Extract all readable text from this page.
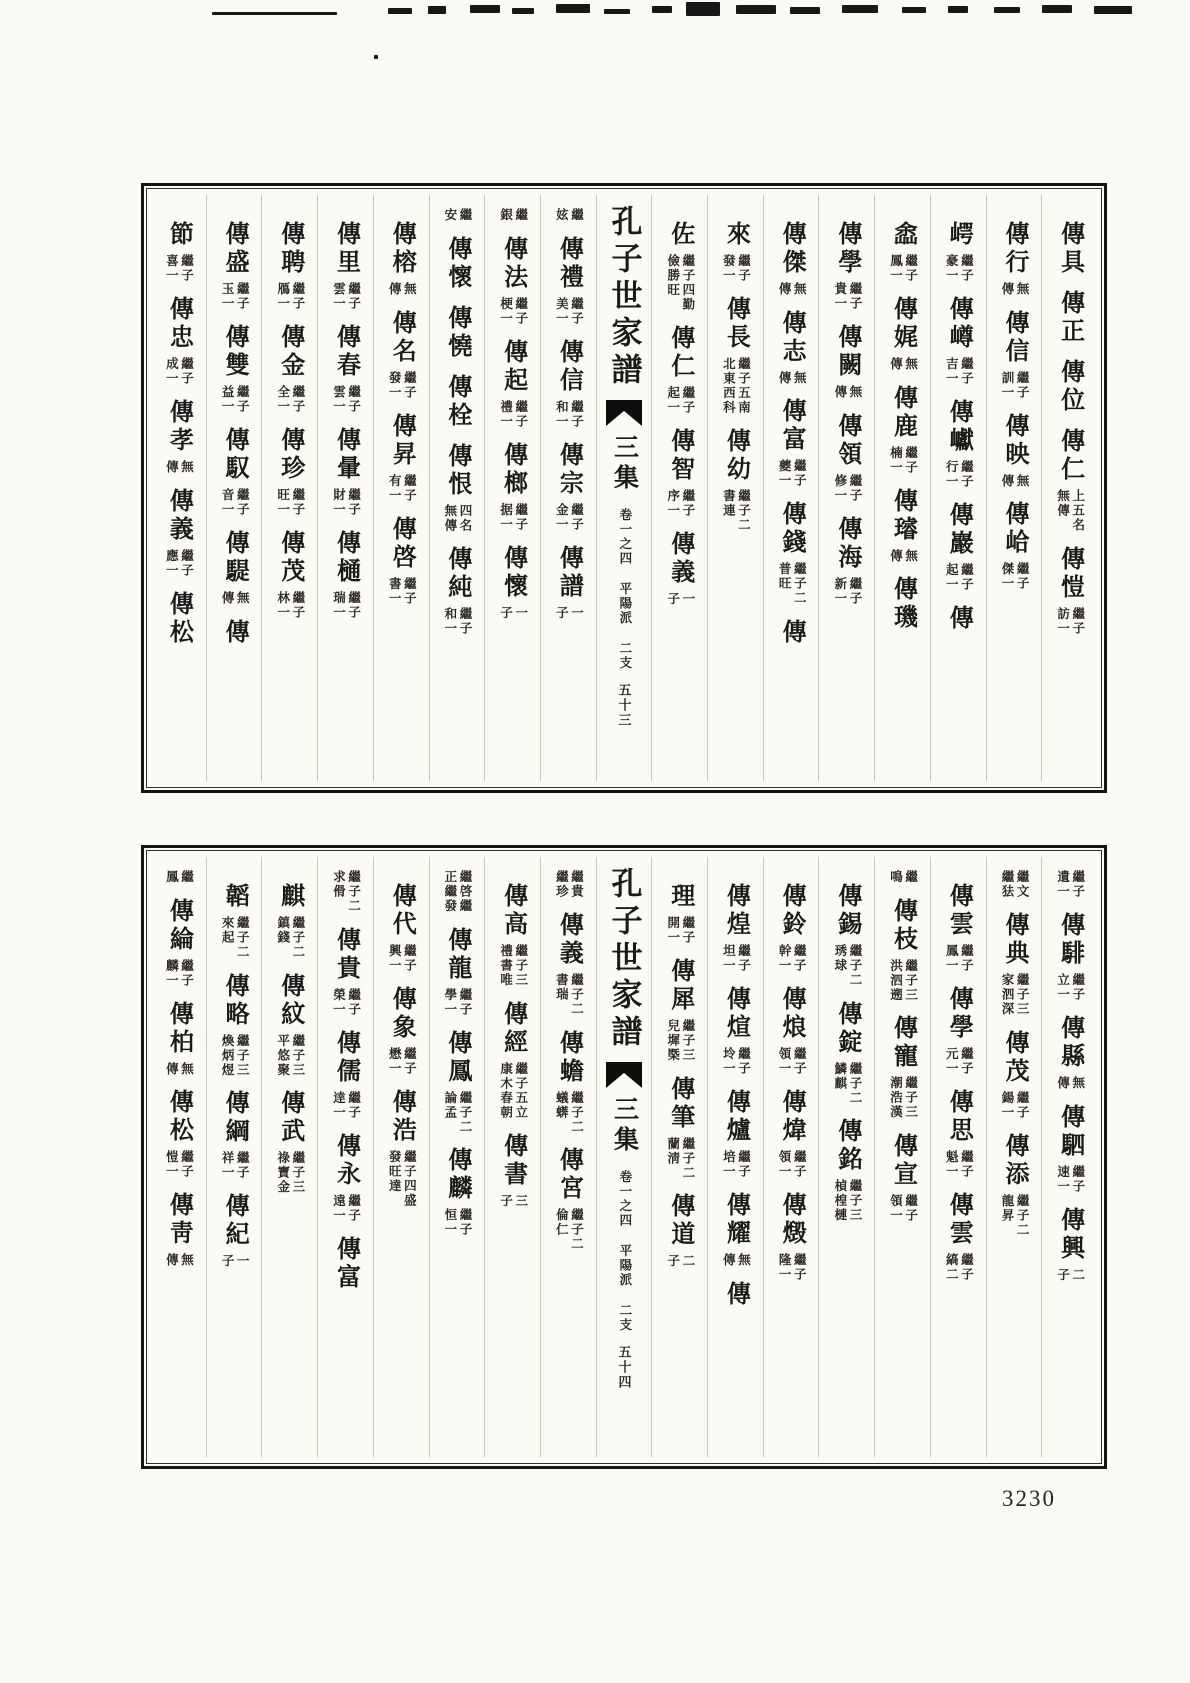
傳具
傳正
傳位
傳仁
上五名
無傳
傳愷
繼子
訪一
傳行
無
傳
傳信
繼子
訓一
傳映
無
傳
傳峆
繼子
傑一
崿
繼子
豪一
傳嶟
繼子
吉一
傳巘
繼子
行一
傳巖
繼子
起一
傳
嵞
繼子
鳳一
傳娓
無
傳
傳鹿
繼子
楠一
傳璿
無
傳
傳璣
傳學
繼子
貴一
傳闕
無
傳
傳領
繼子
修一
傳海
繼子
新一
傳傑
無
傳
傳志
無
傳
傳富
繼子
夔一
傳錢
繼子二
普旺
傳
來
繼子
發一
傳長
繼子五南
北東西科
傳幼
繼子二
書連
佐
繼子四勤
儉勝旺
傳仁
繼子
起一
傳智
繼子
序一
傳義
一
子
孔子世家譜
三集
卷一之四 平陽派 二支
五十三
繼
妶
傳禮
繼子
美一
傳信
繼子
和一
傳宗
繼子
金一
傳譜
一
子
繼
銀
傳法
繼子
梗一
傳起
繼子
禮一
傳榔
繼子
据一
傳懷
一
子
繼
安
傳懷
傳憢
傳栓
傳恨
四名
無傳
傳純
繼子
和一
傳榕
無
傳
傳名
繼子
發一
傳昇
繼子
有一
傳啓
繼子
書一
傳里
繼子
雲一
傳春
繼子
雲一
傳暈
繼子
財一
傳樋
繼子
瑞一
傳聘
繼子
鴈一
傳金
繼子
全一
傳珍
繼子
旺一
傳茂
繼子
林一
傳盛
繼子
玉一
傳雙
繼子
益一
傳馭
繼子
音一
傳騠
無
傳
傳
節
繼子
喜一
傳忠
繼子
成一
傳孝
無
傳
傳義
繼子
應一
傳松
繼子
遺一
傳騑
繼子
立一
傳縣
無
傳
傳駟
繼子
速一
傳興
二
子
繼文
繼㹤
傳典
繼子三
家泗深
傳茂
繼子
鍚一
傳添
繼子二
龍昇
傳雲
繼子
鳳一
傳學
繼子
元一
傳思
繼子
魁一
傳雲
繼子
縞二
繼
鳴
傳枝
繼子三
洪泗遡
傳寵
繼子三
潮浩漢
傳宣
繼子
領一
傳錫
繼子二
琇球
傳錠
繼子二
鱗麒
傳銘
繼子三
楨楻槤
傳鈴
繼子
幹一
傳烺
繼子
領一
傳煒
繼子
領一
傳燬
繼子
隆一
傳煌
繼子
坦一
傳煊
繼子
坽一
傳爐
繼子
培一
傳耀
無
傳
傳
理
繼子
開一
傳犀
繼子三
兒墀㮣
傳筆
繼子二
蘭淸
傳道
二
子
孔子世家譜
三集
卷一之四 平陽派 二支
五十四
繼貴
繼珍
傳義
繼子二
書瑞
傳蟾
繼子二
蟻蠎
傳宮
繼子二
倫仁
傳高
繼子三
禮書唯
傳經
繼子五立
康木春朝
傳書
三
子
繼啓繼
正繼發
傳龍
繼子
學一
傳鳳
繼子二
論孟
傳麟
繼子
恒一
傳代
繼子
興一
傳象
繼子
懋一
傳浩
繼子四盛
發旺達
繼子二
求傦
傳貴
繼子
榮一
傳儒
繼子
逹一
傳永
繼子
遠一
傳富
麒
繼子二
鎮錢
傳紋
繼子三
平悠聚
傳武
繼子三
祿寶金
韜
繼子二
來起
傳略
繼子三
煥炳煜
傳綱
繼子
祥一
傳紀
一
子
繼
鳳
傳綸
繼子
麟一
傳柏
無
傳
傳松
繼子
愷一
傳靑
無
傳
3230
